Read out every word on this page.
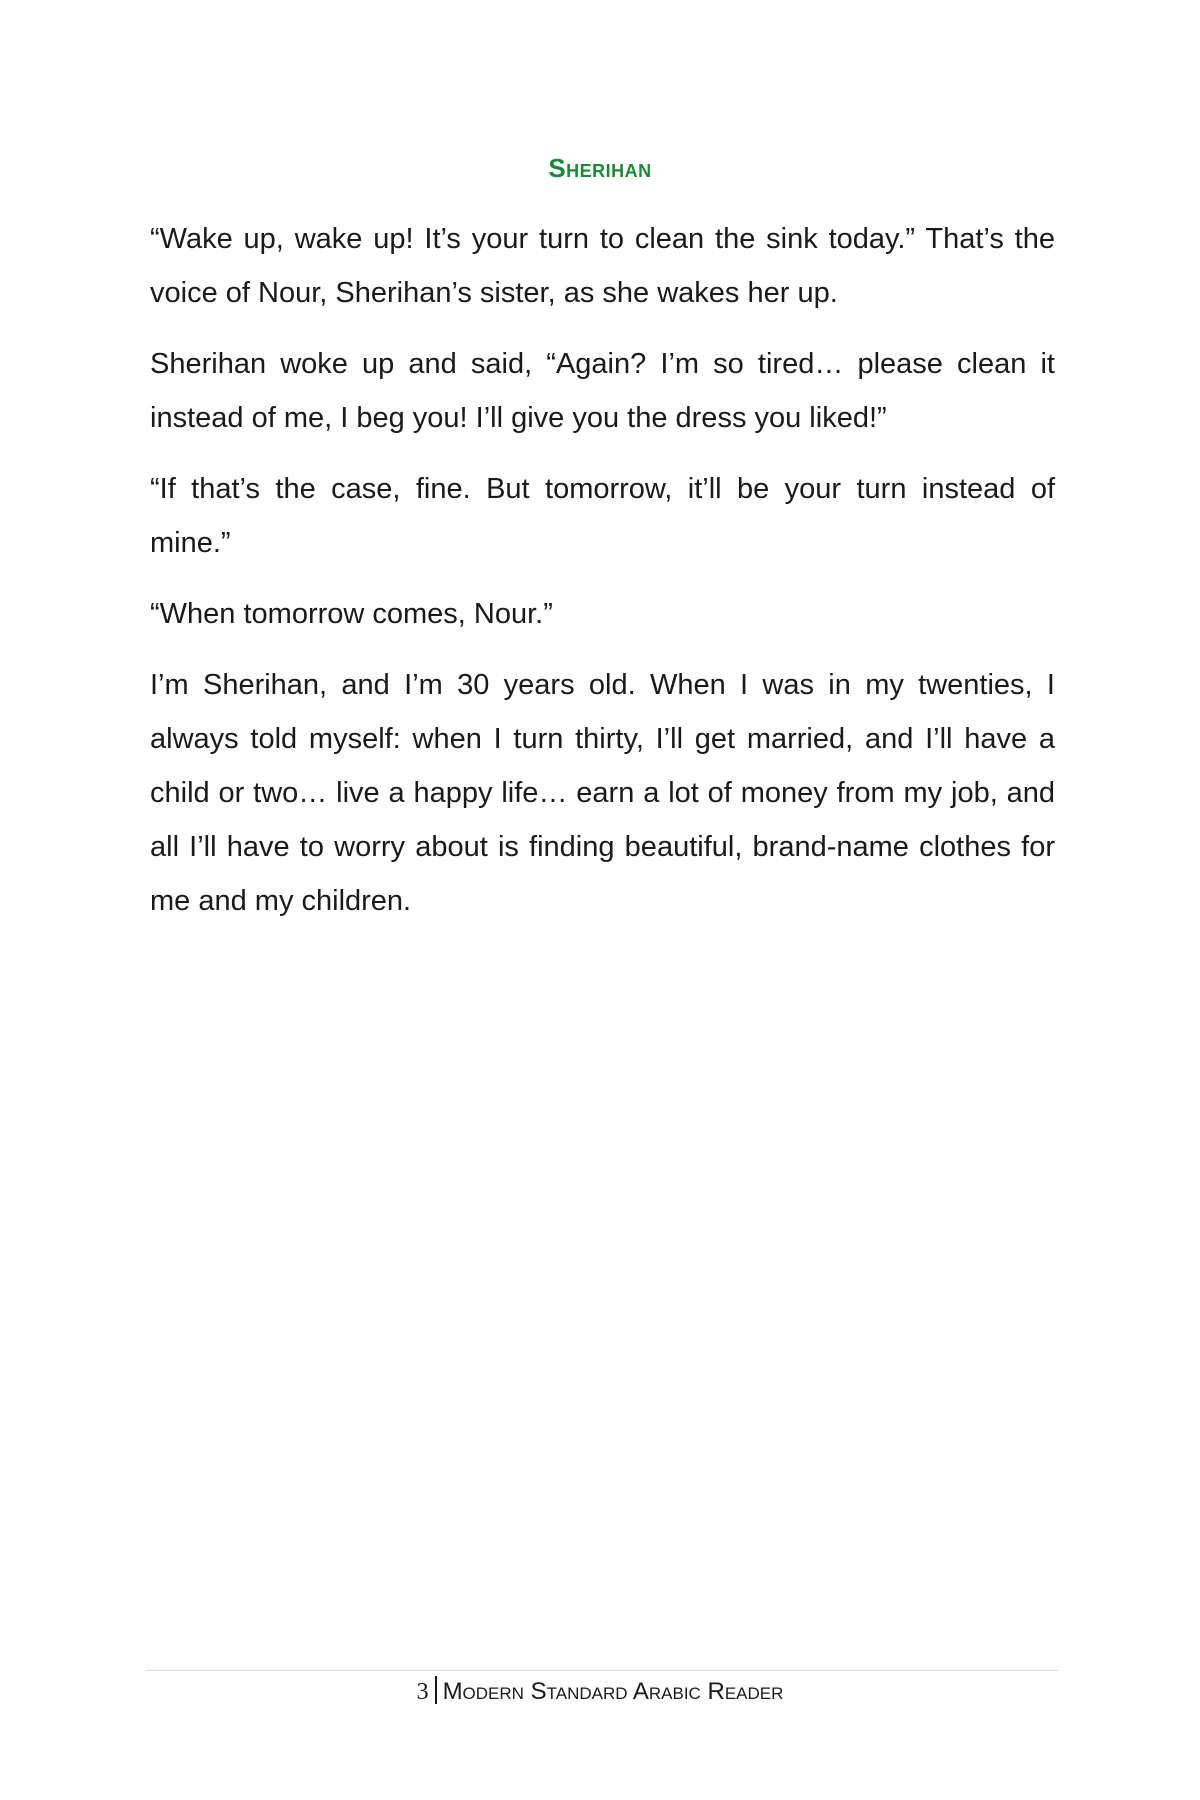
Sherihan

“Wake up, wake up! It’s your turn to clean the sink today.” That’s the voice of Nour, Sherihan’s sister, as she wakes her up.

Sherihan woke up and said, “Again? I’m so tired… please clean it instead of me, I beg you! I’ll give you the dress you liked!”

“If that’s the case, fine. But tomorrow, it’ll be your turn instead of mine.”

“When tomorrow comes, Nour.”

I’m Sherihan, and I’m 30 years old. When I was in my twenties, I always told myself: when I turn thirty, I’ll get married, and I’ll have a child or two… live a happy life… earn a lot of money from my job, and all I’ll have to worry about is finding beautiful, brand-name clothes for me and my children.

3 Modern Standard Arabic Reader
